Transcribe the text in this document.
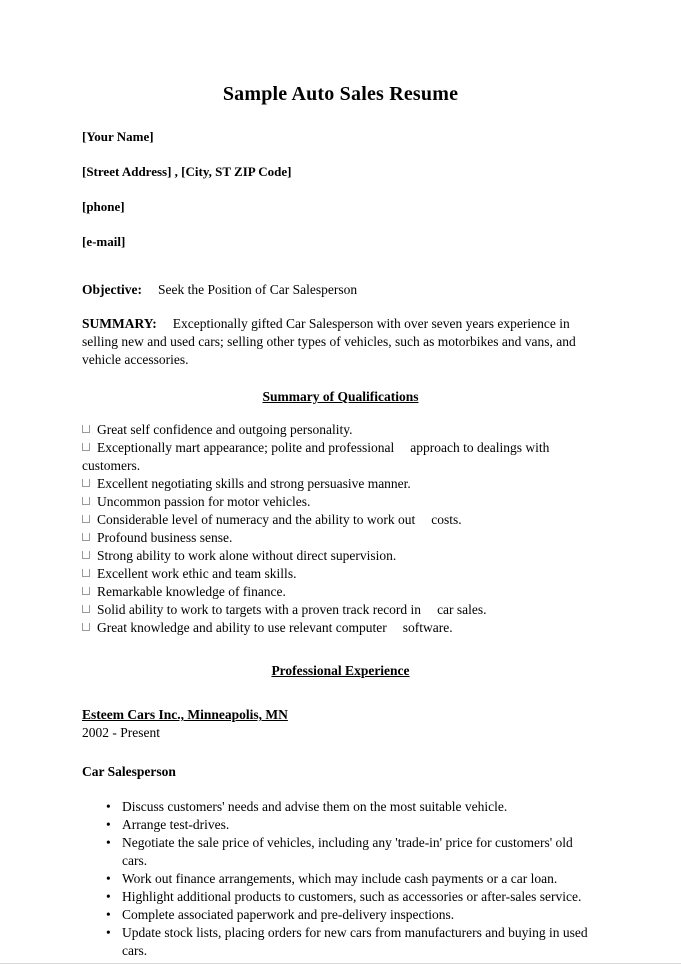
Sample Auto Sales Resume

[Your Name]

[Street Address] , [City, ST ZIP Code]

[phone]

[e-mail]

Objective: Seek the Position of Car Salesperson

SUMMARY: Exceptionally gifted Car Salesperson with over seven years experience in selling new and used cars; selling other types of vehicles, such as motorbikes and vans, and vehicle accessories.

Summary of Qualifications

Great self confidence and outgoing personality.
Exceptionally mart appearance; polite and professional approach to dealings with customers.
Excellent negotiating skills and strong persuasive manner.
Uncommon passion for motor vehicles.
Considerable level of numeracy and the ability to work out costs.
Profound business sense.
Strong ability to work alone without direct supervision.
Excellent work ethic and team skills.
Remarkable knowledge of finance.
Solid ability to work to targets with a proven track record in car sales.
Great knowledge and ability to use relevant computer software.

Professional Experience

Esteem Cars Inc., Minneapolis, MN

2002 - Present

Car Salesperson

• Discuss customers' needs and advise them on the most suitable vehicle.
• Arrange test-drives.
• Negotiate the sale price of vehicles, including any 'trade-in' price for customers' old cars.
• Work out finance arrangements, which may include cash payments or a car loan.
• Highlight additional products to customers, such as accessories or after-sales service.
• Complete associated paperwork and pre-delivery inspections.
• Update stock lists, placing orders for new cars from manufacturers and buying in used cars.
